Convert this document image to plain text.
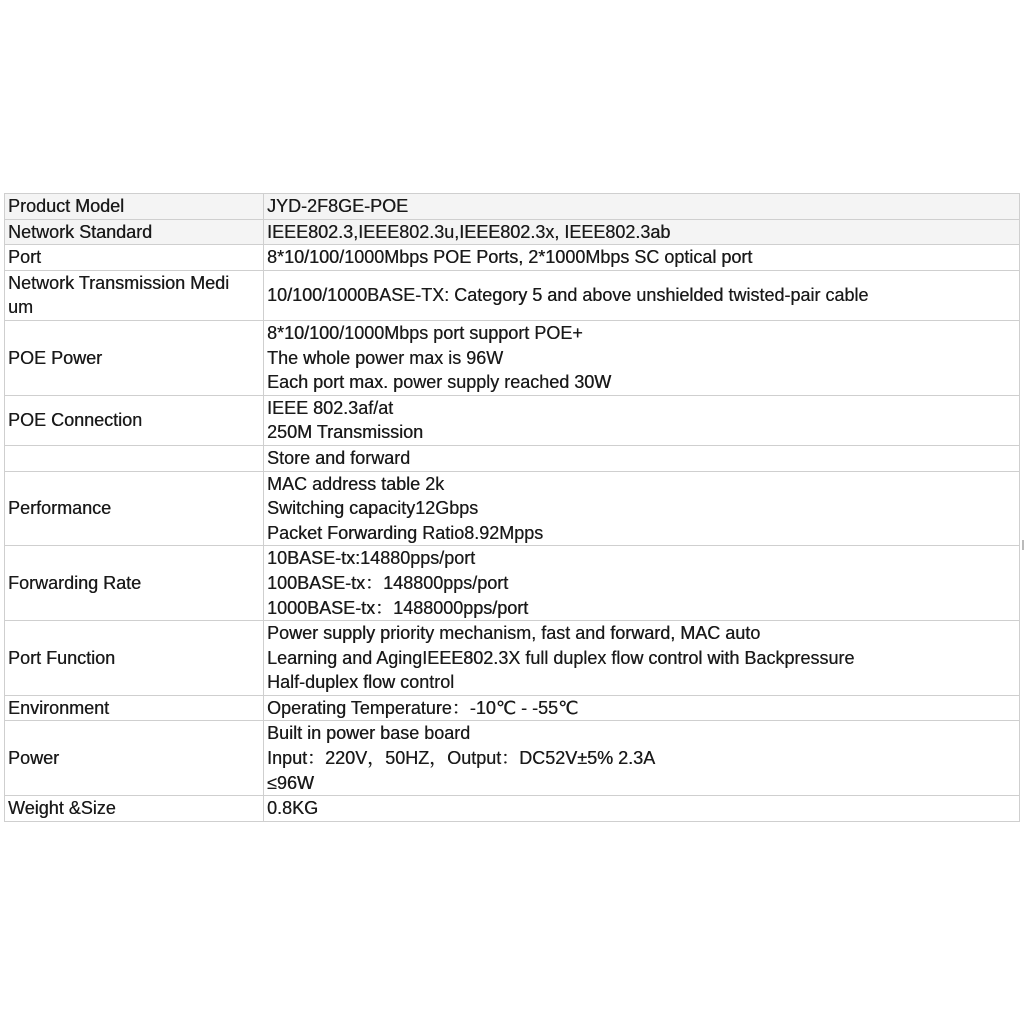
Product Model	JYD-2F8GE-POE

Network Standard	IEEE802.3,IEEE802.3u,IEEE802.3x, IEEE802.3ab

Port	8*10/100/1000Mbps POE Ports, 2*1000Mbps SC optical port

Network Transmission Medi
um	10/100/1000BASE-TX: Category 5 and above unshielded twisted-pair cable

POE Power	8*10/100/1000Mbps port support POE+
The whole power max is 96W
Each port max. power supply reached 30W

POE Connection	IEEE 802.3af/at
250M Transmission

	Store and forward

Performance	MAC address table 2k
Switching capacity12Gbps
Packet Forwarding Ratio8.92Mpps

Forwarding Rate	10BASE-tx:14880pps/port
100BASE-tx：148800pps/port
1000BASE-tx：1488000pps/port

Port Function	Power supply priority mechanism, fast and forward, MAC auto
Learning and AgingIEEE802.3X full duplex flow control with Backpressure
Half-duplex flow control

Environment	Operating Temperature：-10℃ - -55℃

Power	Built in power base board
Input：220V，50HZ，Output：DC52V±5% 2.3A
≤96W

Weight &Size	0.8KG
